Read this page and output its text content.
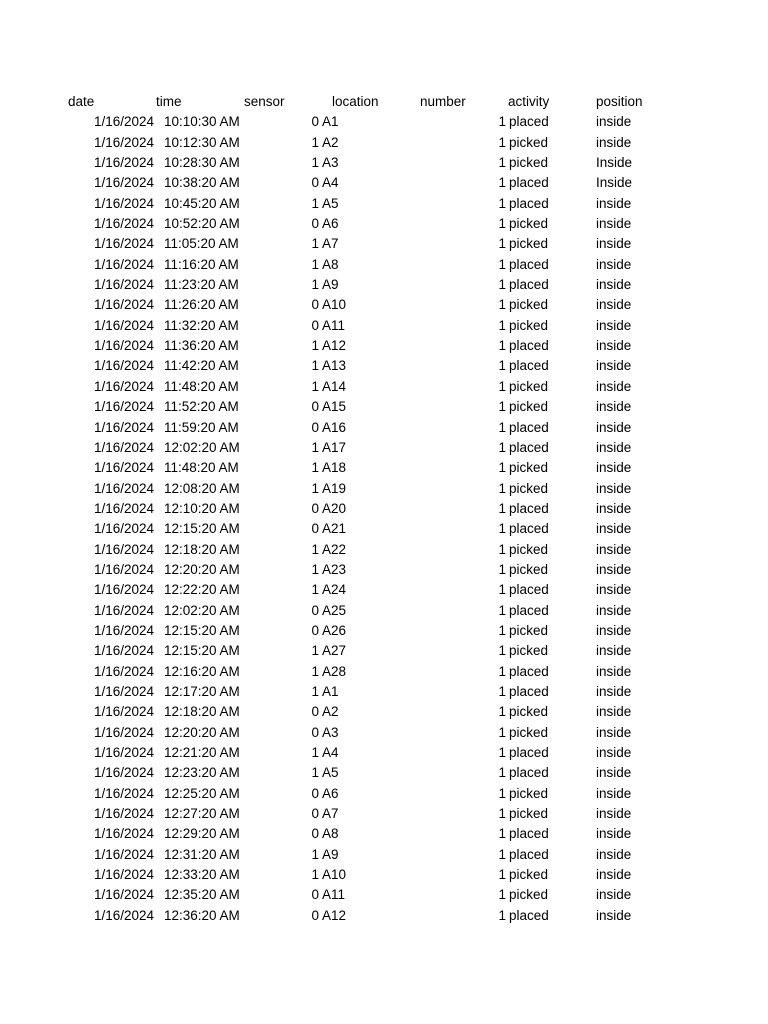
date	time	sensor	location	number	activity	position
1/16/2024 10:10:30 AM	0 A1	1 placed	inside
1/16/2024 10:12:30 AM	1 A2	1 picked	inside
1/16/2024 10:28:30 AM	1 A3	1 picked	Inside
1/16/2024 10:38:20 AM	0 A4	1 placed	Inside
1/16/2024 10:45:20 AM	1 A5	1 placed	inside
1/16/2024 10:52:20 AM	0 A6	1 picked	inside
1/16/2024 11:05:20 AM	1 A7	1 picked	inside
1/16/2024 11:16:20 AM	1 A8	1 placed	inside
1/16/2024 11:23:20 AM	1 A9	1 placed	inside
1/16/2024 11:26:20 AM	0 A10	1 picked	inside
1/16/2024 11:32:20 AM	0 A11	1 picked	inside
1/16/2024 11:36:20 AM	1 A12	1 placed	inside
1/16/2024 11:42:20 AM	1 A13	1 placed	inside
1/16/2024 11:48:20 AM	1 A14	1 picked	inside
1/16/2024 11:52:20 AM	0 A15	1 picked	inside
1/16/2024 11:59:20 AM	0 A16	1 placed	inside
1/16/2024 12:02:20 AM	1 A17	1 placed	inside
1/16/2024 11:48:20 AM	1 A18	1 picked	inside
1/16/2024 12:08:20 AM	1 A19	1 picked	inside
1/16/2024 12:10:20 AM	0 A20	1 placed	inside
1/16/2024 12:15:20 AM	0 A21	1 placed	inside
1/16/2024 12:18:20 AM	1 A22	1 picked	inside
1/16/2024 12:20:20 AM	1 A23	1 picked	inside
1/16/2024 12:22:20 AM	1 A24	1 placed	inside
1/16/2024 12:02:20 AM	0 A25	1 placed	inside
1/16/2024 12:15:20 AM	0 A26	1 picked	inside
1/16/2024 12:15:20 AM	1 A27	1 picked	inside
1/16/2024 12:16:20 AM	1 A28	1 placed	inside
1/16/2024 12:17:20 AM	1 A1	1 placed	inside
1/16/2024 12:18:20 AM	0 A2	1 picked	inside
1/16/2024 12:20:20 AM	0 A3	1 picked	inside
1/16/2024 12:21:20 AM	1 A4	1 placed	inside
1/16/2024 12:23:20 AM	1 A5	1 placed	inside
1/16/2024 12:25:20 AM	0 A6	1 picked	inside
1/16/2024 12:27:20 AM	0 A7	1 picked	inside
1/16/2024 12:29:20 AM	0 A8	1 placed	inside
1/16/2024 12:31:20 AM	1 A9	1 placed	inside
1/16/2024 12:33:20 AM	1 A10	1 picked	inside
1/16/2024 12:35:20 AM	0 A11	1 picked	inside
1/16/2024 12:36:20 AM	0 A12	1 placed	inside
